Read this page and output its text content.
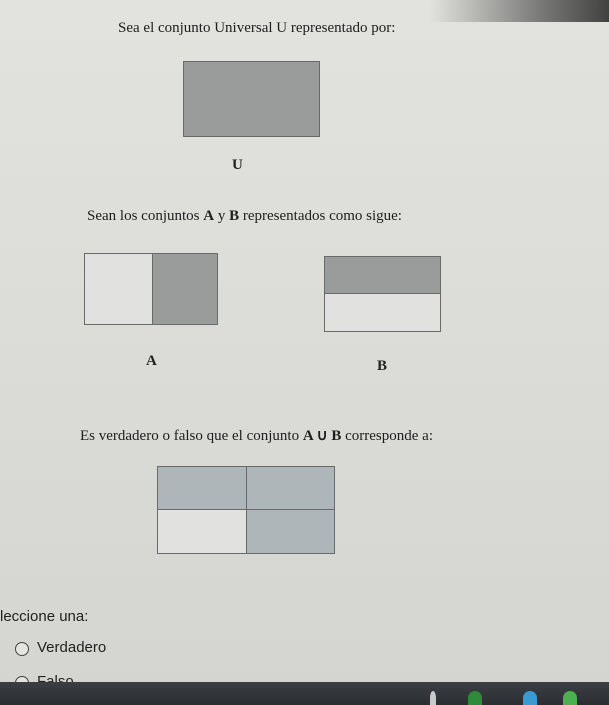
Sea el conjunto Universal U representado por:
U
Sean los conjuntos A y B representados como sigue:
A	B
Es verdadero o falso que el conjunto A ∪ B corresponde a:
leccione una:
Verdadero
